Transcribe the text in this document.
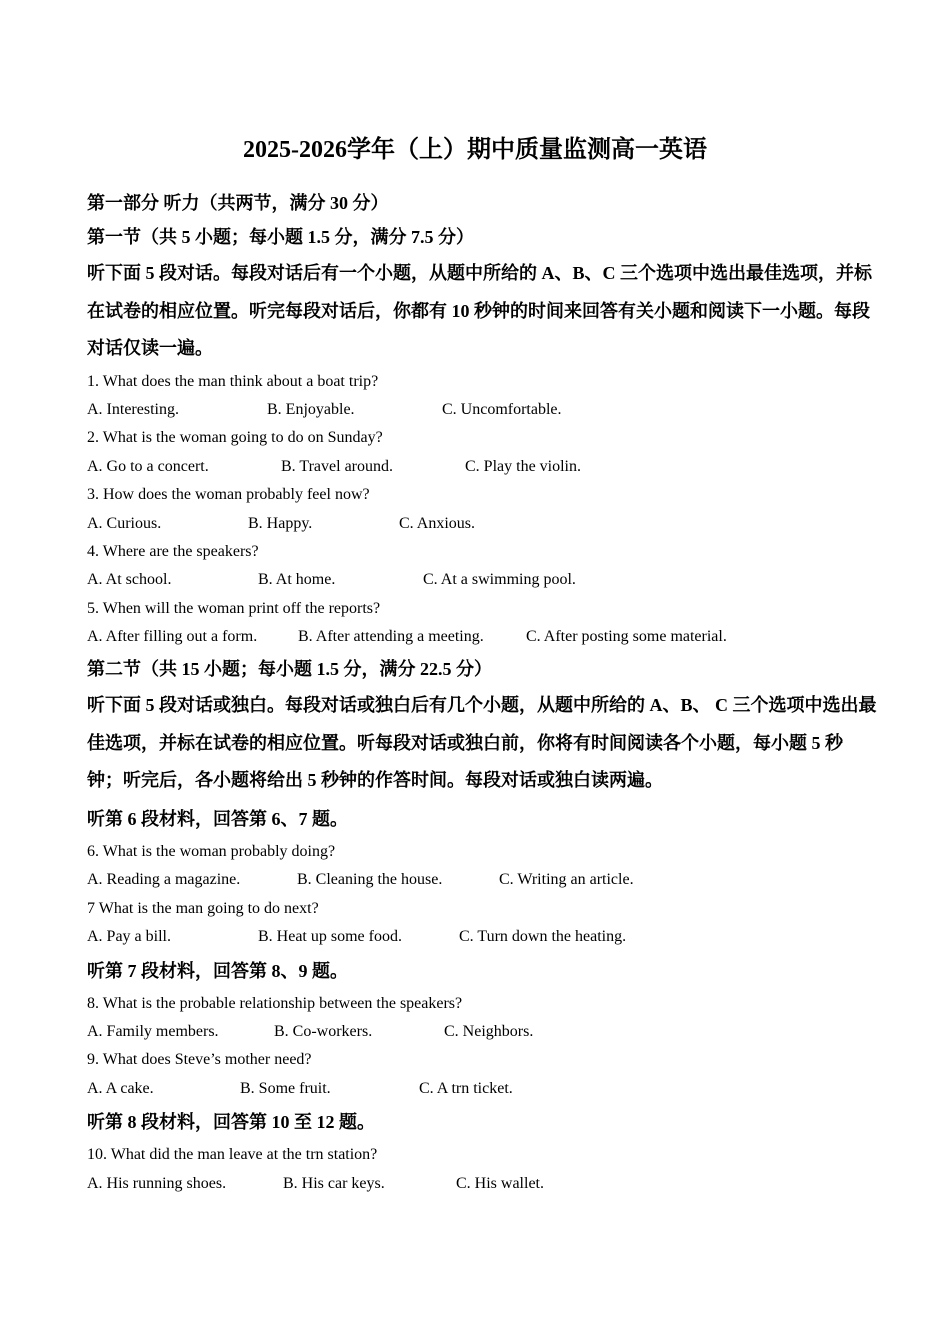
2025-2026学年（上）期中质量监测高一英语
第一部分 听力（共两节，满分 30 分）
第一节（共 5 小题；每小题 1.5 分，满分 7.5 分）
听下面 5 段对话。每段对话后有一个小题，从题中所给的 A、B、C 三个选项中选出最佳选项，并标在试卷的相应位置。听完每段对话后，你都有 10 秒钟的时间来回答有关小题和阅读下一小题。每段对话仅读一遍。
1. What does the man think about a boat trip?
A. Interesting.	B. Enjoyable.	C. Uncomfortable.
2. What is the woman going to do on Sunday?
A. Go to a concert.	B. Travel around.	C. Play the violin.
3. How does the woman probably feel now?
A. Curious.	B. Happy.	C. Anxious.
4. Where are the speakers?
A. At school.	B. At home.	C. At a swimming pool.
5. When will the woman print off the reports?
A. After filling out a form.	B. After attending a meeting.	C. After posting some material.
第二节（共 15 小题；每小题 1.5 分，满分 22.5 分）
听下面 5 段对话或独白。每段对话或独白后有几个小题，从题中所给的 A、B、 C 三个选项中选出最佳选项，并标在试卷的相应位置。听每段对话或独白前，你将有时间阅读各个小题，每小题 5 秒钟；听完后，各小题将给出 5 秒钟的作答时间。每段对话或独白读两遍。
听第 6 段材料，回答第 6、7 题。
6. What is the woman probably doing?
A. Reading a magazine.	B. Cleaning the house.	C. Writing an article.
7 What is the man going to do next?
A. Pay a bill.	B. Heat up some food.	C. Turn down the heating.
听第 7 段材料，回答第 8、9 题。
8. What is the probable relationship between the speakers?
A. Family members.	B. Co-workers.	C. Neighbors.
9. What does Steve’s mother need?
A. A cake.	B. Some fruit.	C. A trn ticket.
听第 8 段材料，回答第 10 至 12 题。
10. What did the man leave at the trn station?
A. His running shoes.	B. His car keys.	C. His wallet.
